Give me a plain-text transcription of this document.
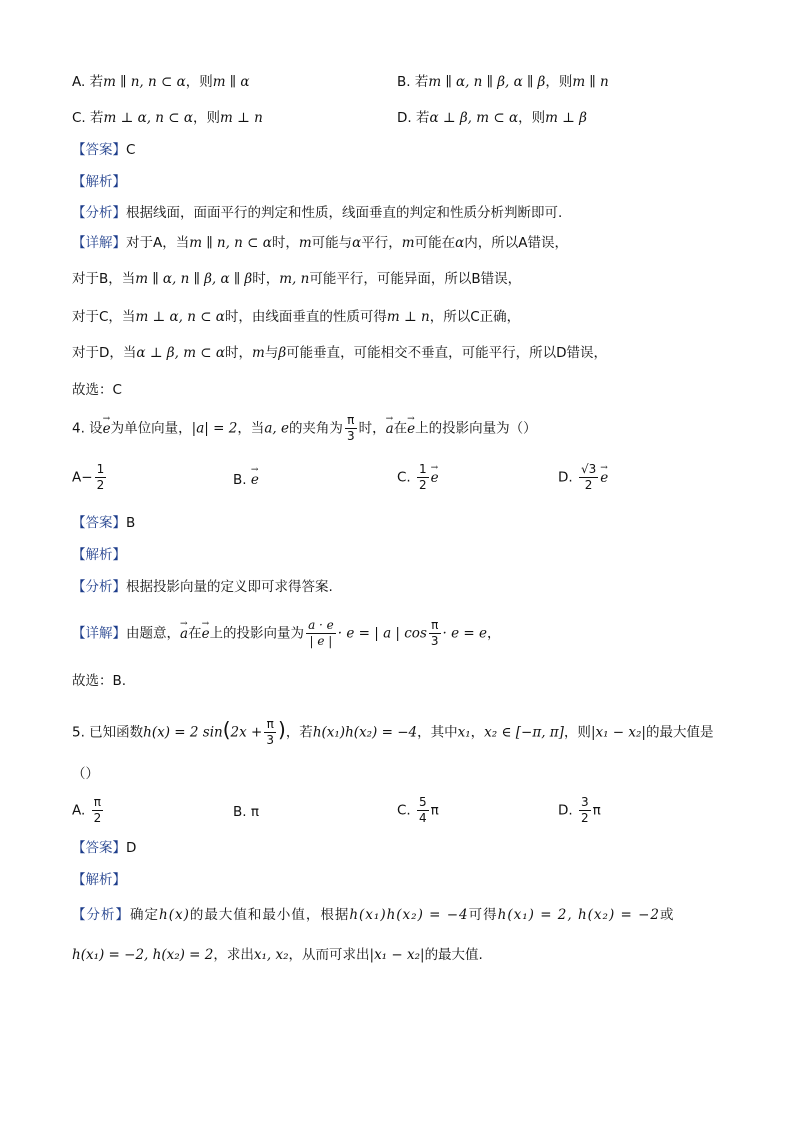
A. 若m ∥ n, n ⊂ α，则m ∥ α	B. 若m ∥ α, n ∥ β, α ∥ β，则m ∥ n
C. 若m ⊥ α, n ⊂ α，则m ⊥ n	D. 若α ⊥ β, m ⊂ α，则m ⊥ β
【答案】C
【解析】
【分析】根据线面，面面平行的判定和性质，线面垂直的判定和性质分析判断即可.
【详解】对于A，当m ∥ n, n ⊂ α时，m可能与α平行，m可能在α内，所以A错误，
对于B，当m ∥ α, n ∥ β, α ∥ β时，m, n可能平行，可能异面，所以B错误，
对于C，当m ⊥ α, n ⊂ α时，由线面垂直的性质可得m ⊥ n，所以C正确，
对于D，当α ⊥ β, m ⊂ α时，m与β可能垂直，可能相交不垂直，可能平行，所以D错误，
故选：C
4. 设→ e为单位向量，|a| = 2，当a, e的夹角为 $\frac{\pi}{3}$ 时，→ a在→ e上的投影向量为（）
$A- \frac{1}{2}$	B. → e	C. $\frac{1}{2}$
→ e	D. $\frac{√3}{2}$
→ e
【答案】B
【解析】
【分析】根据投影向量的定义即可求得答案.
【详解】由题意，→ a在→ e上的投影向量为 $\frac{a \cdot e}{| e |} \cdot e$ = | a | $\cos \frac{\pi}{3} \cdot e = e$，
故选：B.
5. 已知函数h(x) = 2 $\sin(2x + \frac{\pi}{3}$ )，若h(x₁)h(x₂) = −4，其中x₁，x₂ ∈ [−π, π]，则|x₁ − x₂|的最大值是
（）
A. $\frac{\pi}{2}$	B. π	C. $\frac{5}{4}$ π	D. $\frac{3}{2}$ π
【答案】D
【解析】
【分析】确定h(x)的最大值和最小值，根据h(x₁)h(x₂) = −4可得h(x₁) = 2, h(x₂) = −2或
h(x₁) = −2, h(x₂) = 2，求出x₁, x₂，从而可求出|x₁ − x₂|的最大值.
